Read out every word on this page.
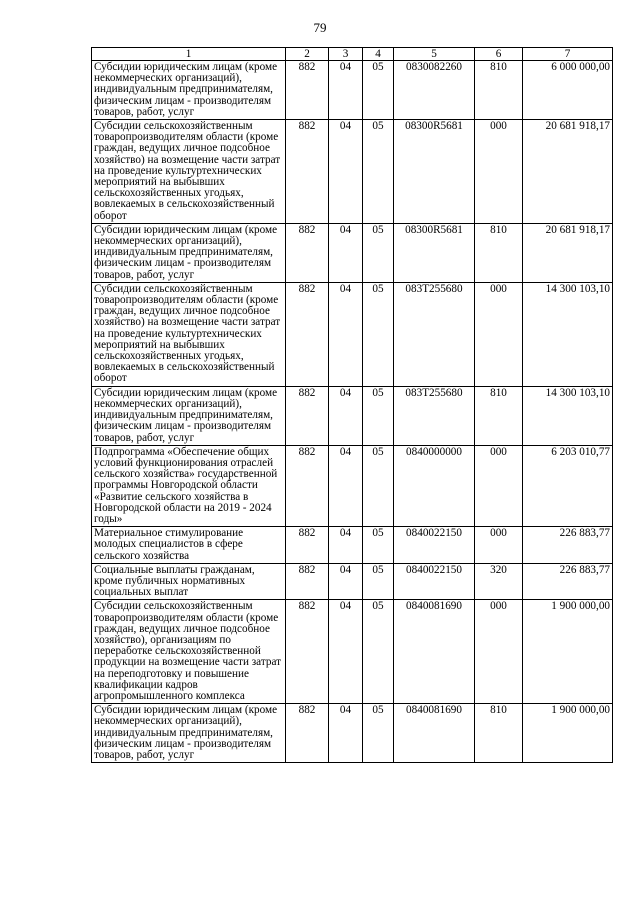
79
1	2	3	4	5	6	7
Субсидии юридическим лицам (кроме некоммерческих организаций), индивидуальным предпринимателям, физическим лицам - производителям товаров, работ, услуг	882	04	05	0830082260	810	6 000 000,00
Субсидии сельскохозяйственным товаропроизводителям области (кроме граждан, ведущих личное подсобное хозяйство) на возмещение части затрат на проведение культуртехнических мероприятий на выбывших сельскохозяйственных угодьях, вовлекаемых в сельскохозяйственный оборот	882	04	05	08300R5681	000	20 681 918,17
Субсидии юридическим лицам (кроме некоммерческих организаций), индивидуальным предпринимателям, физическим лицам - производителям товаров, работ, услуг	882	04	05	08300R5681	810	20 681 918,17
Субсидии сельскохозяйственным товаропроизводителям области (кроме граждан, ведущих личное подсобное хозяйство) на возмещение части затрат на проведение культуртехнических мероприятий на выбывших сельскохозяйственных угодьях, вовлекаемых в сельскохозяйственный оборот	882	04	05	083T255680	000	14 300 103,10
Субсидии юридическим лицам (кроме некоммерческих организаций), индивидуальным предпринимателям, физическим лицам - производителям товаров, работ, услуг	882	04	05	083T255680	810	14 300 103,10
Подпрограмма «Обеспечение общих условий функционирования отраслей сельского хозяйства» государственной программы Новгородской области «Развитие сельского хозяйства в Новгородской области на 2019 - 2024 годы»	882	04	05	0840000000	000	6 203 010,77
Материальное стимулирование молодых специалистов в сфере сельского хозяйства	882	04	05	0840022150	000	226 883,77
Социальные выплаты гражданам, кроме публичных нормативных социальных выплат	882	04	05	0840022150	320	226 883,77
Субсидии сельскохозяйственным товаропроизводителям области (кроме граждан, ведущих личное подсобное хозяйство), организациям по переработке сельскохозяйственной продукции на возмещение части затрат на переподготовку и повышение квалификации кадров агропромышленного комплекса	882	04	05	0840081690	000	1 900 000,00
Субсидии юридическим лицам (кроме некоммерческих организаций), индивидуальным предпринимателям, физическим лицам - производителям товаров, работ, услуг	882	04	05	0840081690	810	1 900 000,00
